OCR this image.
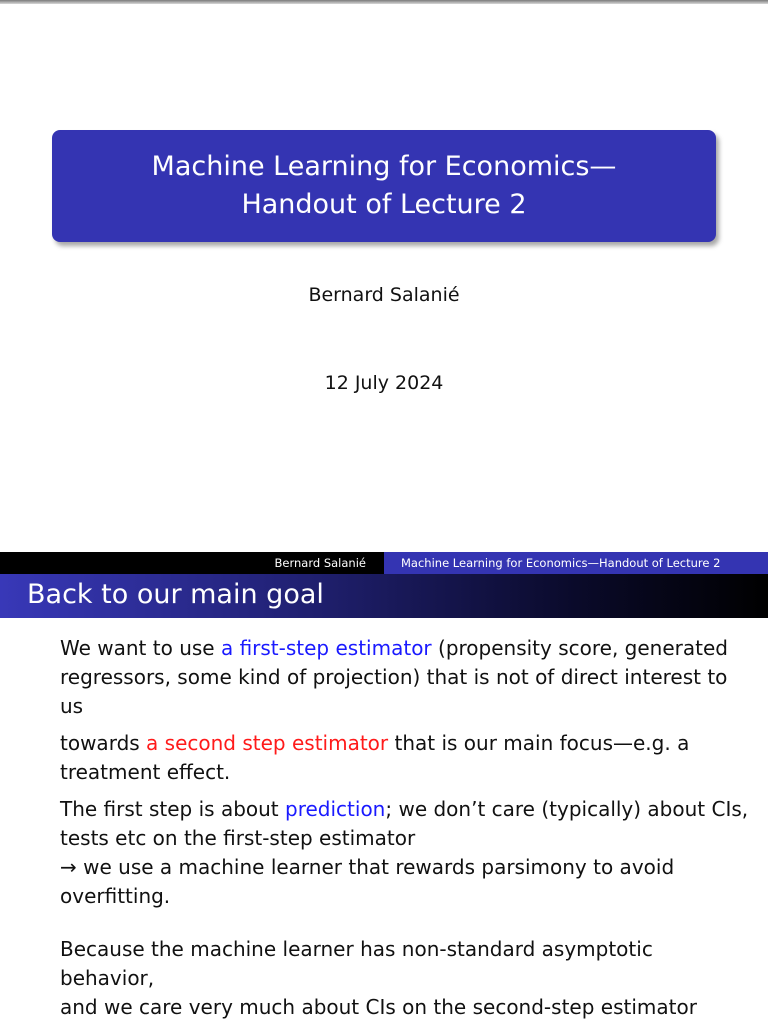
Machine Learning for Economics—Handout of Lecture 2
Bernard Salanié
12 July 2024
Bernard Salanié	Machine Learning for Economics—Handout of Lecture 2
Back to our main goal

We want to use a first-step estimator (propensity score, generated regressors, some kind of projection) that is not of direct interest to us

towards a second step estimator that is our main focus—e.g. a treatment effect.

The first step is about prediction; we don’t care (typically) about CIs, tests etc on the first-step estimator
→ we use a machine learner that rewards parsimony to avoid overfitting.

Because the machine learner has non-standard asymptotic behavior,
and we care very much about CIs on the second-step estimator
